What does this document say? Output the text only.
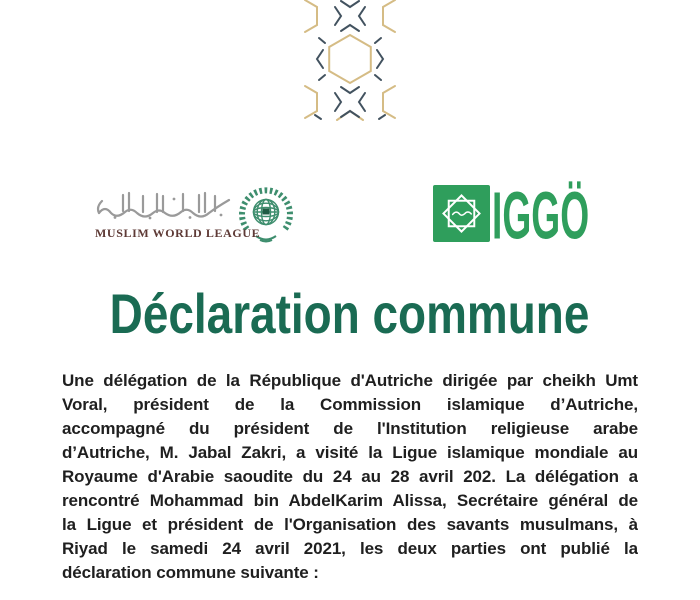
MUSLIM WORLD LEAGUE	IGGÖ
Déclaration commune
Une délégation de la République d'Autriche dirigée par cheikh Umt
Voral, président de la Commission islamique d’Autriche,
accompagné du président de l'Institution religieuse arabe
d’Autriche, M. Jabal Zakri, a visité la Ligue islamique mondiale au
Royaume d'Arabie saoudite du 24 au 28 avril 202. La délégation a
rencontré Mohammad bin AbdelKarim Alissa, Secrétaire général de
la Ligue et président de l'Organisation des savants musulmans, à
Riyad le samedi 24 avril 2021, les deux parties ont publié la
déclaration commune suivante :
